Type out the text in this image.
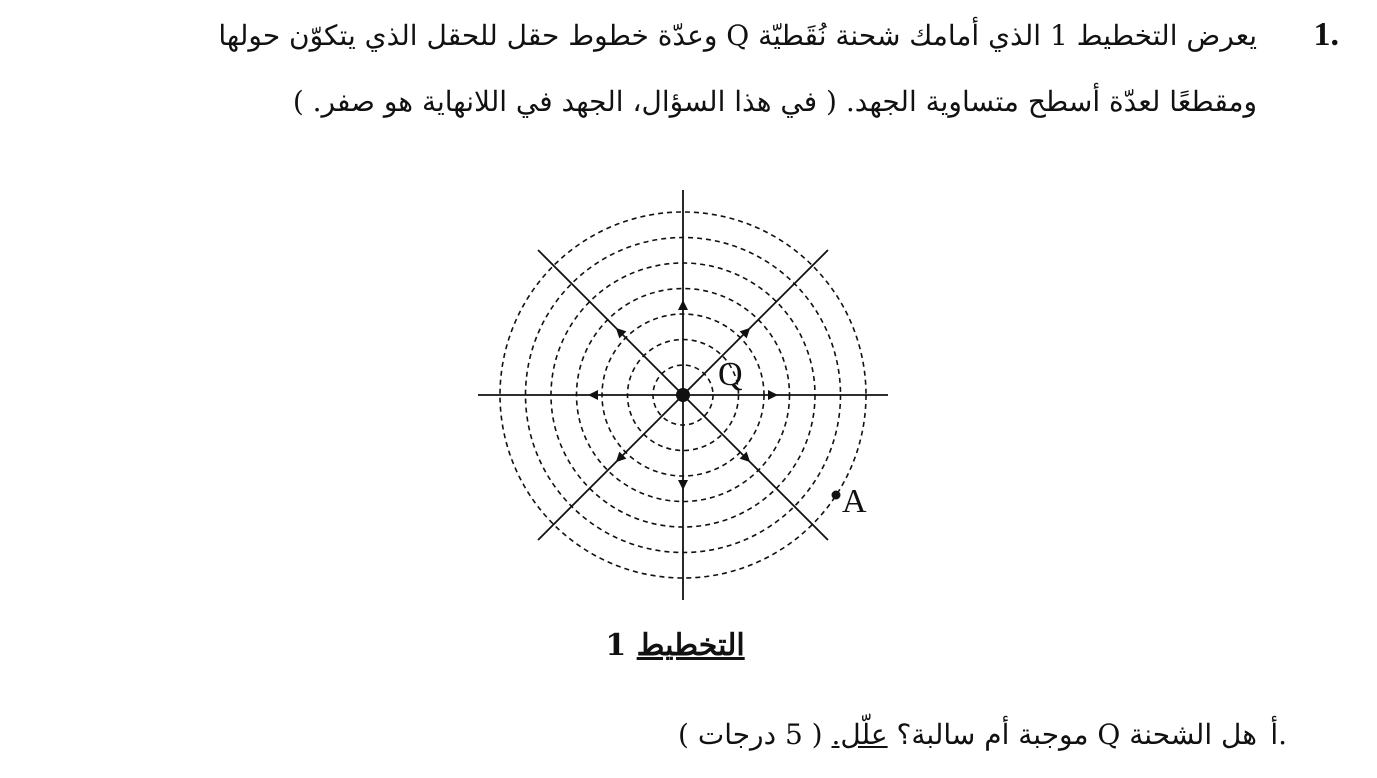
1.
يعرض التخطيط 1 الذي أمامك شحنة نُقَطيّة Q وعدّة خطوط حقل للحقل الذي يتكوّن حولها
ومقطعًا لعدّة أسطح متساوية الجهد. ( في هذا السؤال، الجهد في اللانهاية هو صفر. )
Q
A
التخطيط 1
أ.
هل الشحنة Q موجبة أم سالبة؟ علّل. ( 5 درجات )
